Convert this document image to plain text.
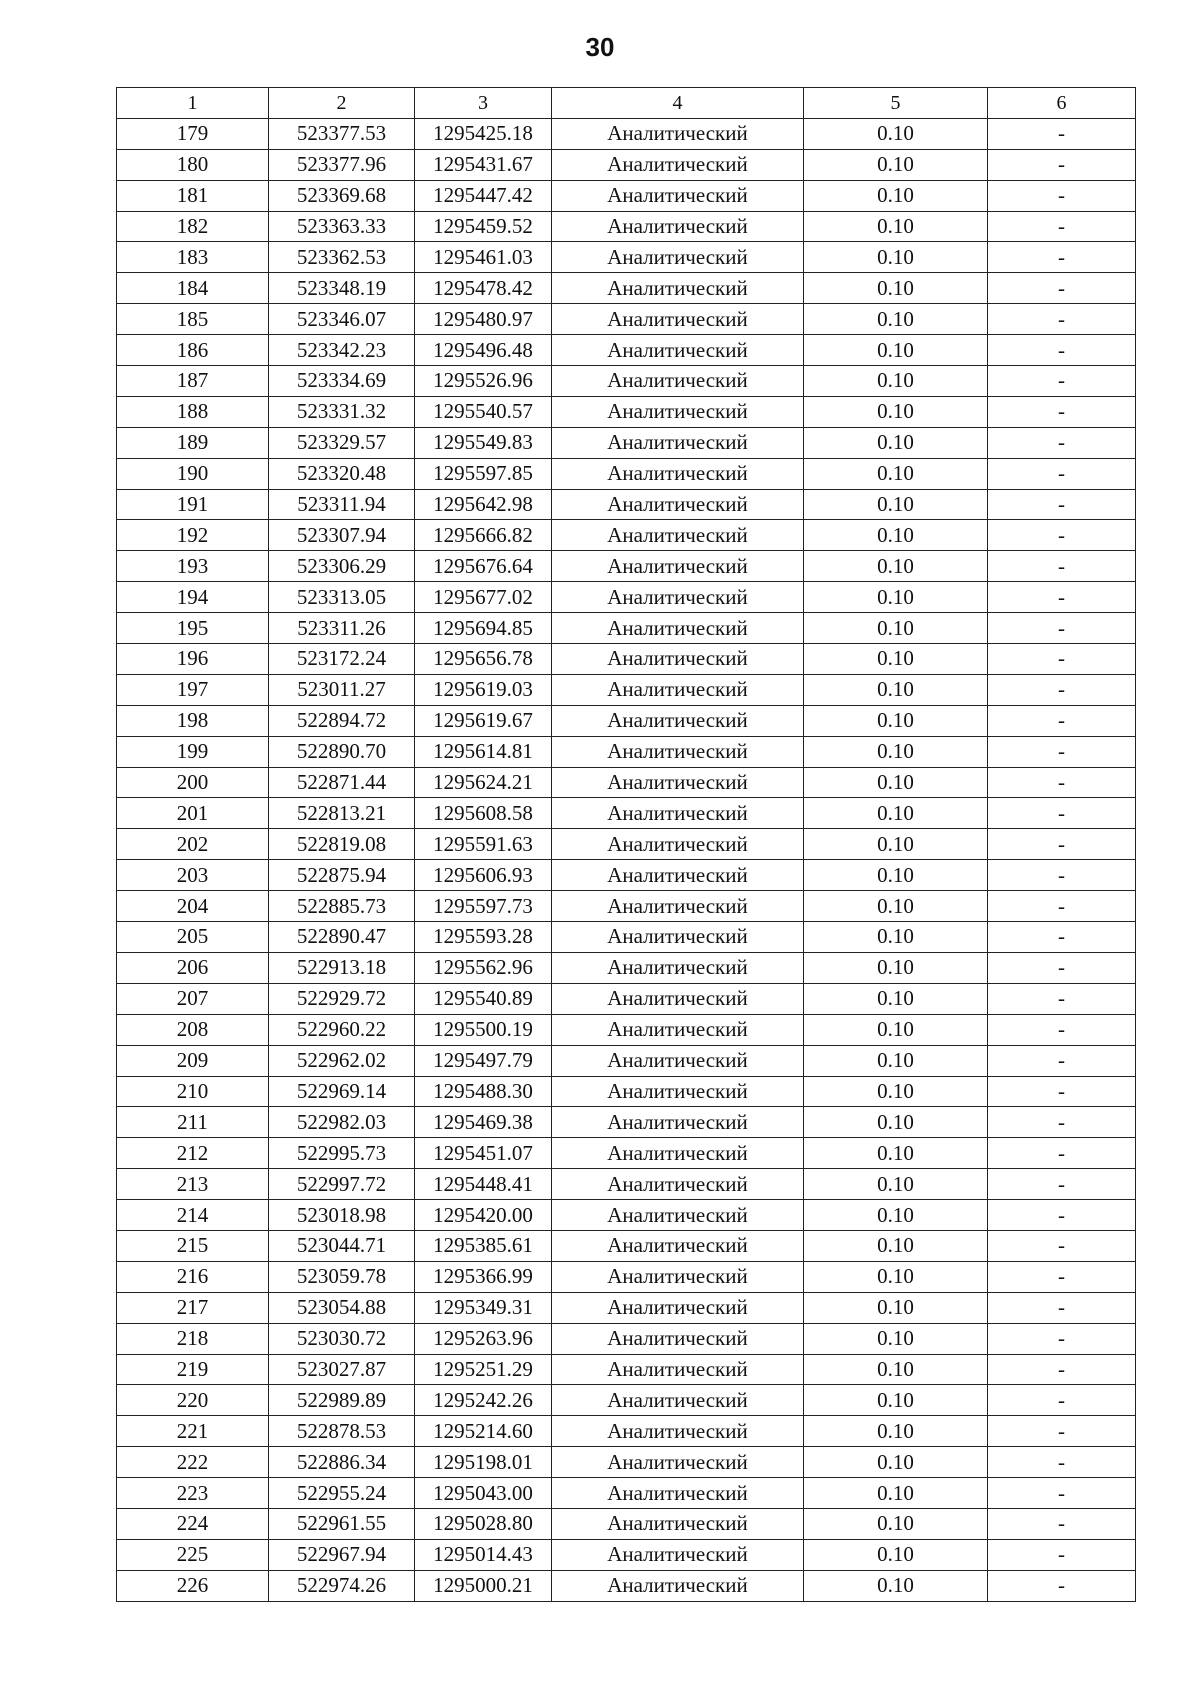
30
1	2	3	4	5	6
179	523377.53	1295425.18	Аналитический	0.10	-
180	523377.96	1295431.67	Аналитический	0.10	-
181	523369.68	1295447.42	Аналитический	0.10	-
182	523363.33	1295459.52	Аналитический	0.10	-
183	523362.53	1295461.03	Аналитический	0.10	-
184	523348.19	1295478.42	Аналитический	0.10	-
185	523346.07	1295480.97	Аналитический	0.10	-
186	523342.23	1295496.48	Аналитический	0.10	-
187	523334.69	1295526.96	Аналитический	0.10	-
188	523331.32	1295540.57	Аналитический	0.10	-
189	523329.57	1295549.83	Аналитический	0.10	-
190	523320.48	1295597.85	Аналитический	0.10	-
191	523311.94	1295642.98	Аналитический	0.10	-
192	523307.94	1295666.82	Аналитический	0.10	-
193	523306.29	1295676.64	Аналитический	0.10	-
194	523313.05	1295677.02	Аналитический	0.10	-
195	523311.26	1295694.85	Аналитический	0.10	-
196	523172.24	1295656.78	Аналитический	0.10	-
197	523011.27	1295619.03	Аналитический	0.10	-
198	522894.72	1295619.67	Аналитический	0.10	-
199	522890.70	1295614.81	Аналитический	0.10	-
200	522871.44	1295624.21	Аналитический	0.10	-
201	522813.21	1295608.58	Аналитический	0.10	-
202	522819.08	1295591.63	Аналитический	0.10	-
203	522875.94	1295606.93	Аналитический	0.10	-
204	522885.73	1295597.73	Аналитический	0.10	-
205	522890.47	1295593.28	Аналитический	0.10	-
206	522913.18	1295562.96	Аналитический	0.10	-
207	522929.72	1295540.89	Аналитический	0.10	-
208	522960.22	1295500.19	Аналитический	0.10	-
209	522962.02	1295497.79	Аналитический	0.10	-
210	522969.14	1295488.30	Аналитический	0.10	-
211	522982.03	1295469.38	Аналитический	0.10	-
212	522995.73	1295451.07	Аналитический	0.10	-
213	522997.72	1295448.41	Аналитический	0.10	-
214	523018.98	1295420.00	Аналитический	0.10	-
215	523044.71	1295385.61	Аналитический	0.10	-
216	523059.78	1295366.99	Аналитический	0.10	-
217	523054.88	1295349.31	Аналитический	0.10	-
218	523030.72	1295263.96	Аналитический	0.10	-
219	523027.87	1295251.29	Аналитический	0.10	-
220	522989.89	1295242.26	Аналитический	0.10	-
221	522878.53	1295214.60	Аналитический	0.10	-
222	522886.34	1295198.01	Аналитический	0.10	-
223	522955.24	1295043.00	Аналитический	0.10	-
224	522961.55	1295028.80	Аналитический	0.10	-
225	522967.94	1295014.43	Аналитический	0.10	-
226	522974.26	1295000.21	Аналитический	0.10	-
